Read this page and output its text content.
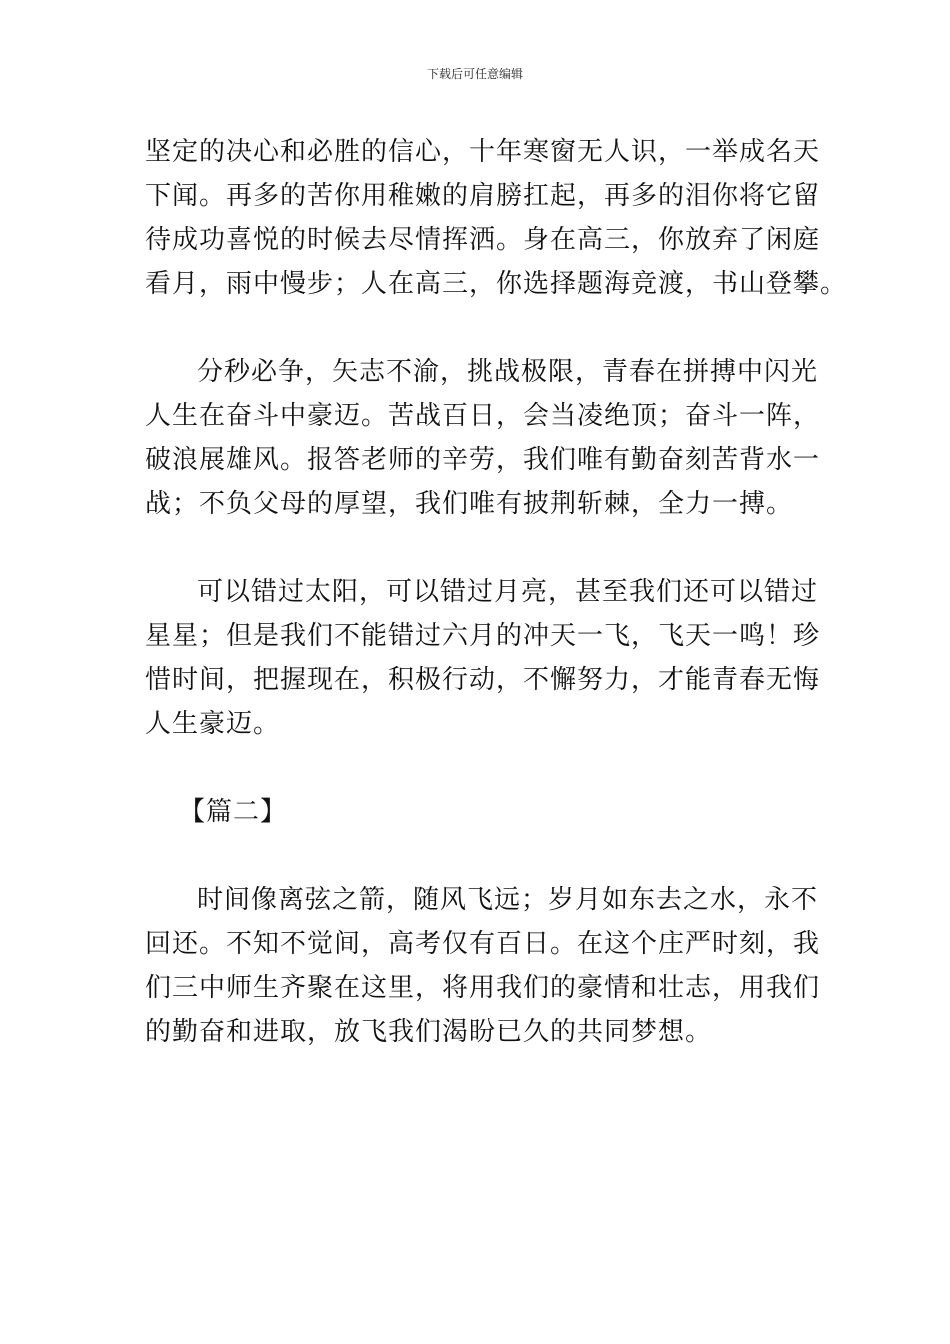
下载后可任意编辑
坚定的决心和必胜的信心，十年寒窗无人识，一举成名天
下闻。再多的苦你用稚嫩的肩膀扛起，再多的泪你将它留
待成功喜悦的时候去尽情挥洒。身在高三，你放弃了闲庭
看月，雨中慢步；人在高三，你选择题海竞渡，书山登攀。
分秒必争，矢志不渝，挑战极限，青春在拼搏中闪光
人生在奋斗中豪迈。苦战百日，会当凌绝顶；奋斗一阵，
破浪展雄风。报答老师的辛劳，我们唯有勤奋刻苦背水一
战；不负父母的厚望，我们唯有披荆斩棘，全力一搏。
可以错过太阳，可以错过月亮，甚至我们还可以错过
星星；但是我们不能错过六月的冲天一飞，飞天一鸣！珍
惜时间，把握现在，积极行动，不懈努力，才能青春无悔
人生豪迈。
【篇二】
时间像离弦之箭，随风飞远；岁月如东去之水，永不
回还。不知不觉间，高考仅有百日。在这个庄严时刻，我
们三中师生齐聚在这里，将用我们的豪情和壮志，用我们
的勤奋和进取，放飞我们渴盼已久的共同梦想。
